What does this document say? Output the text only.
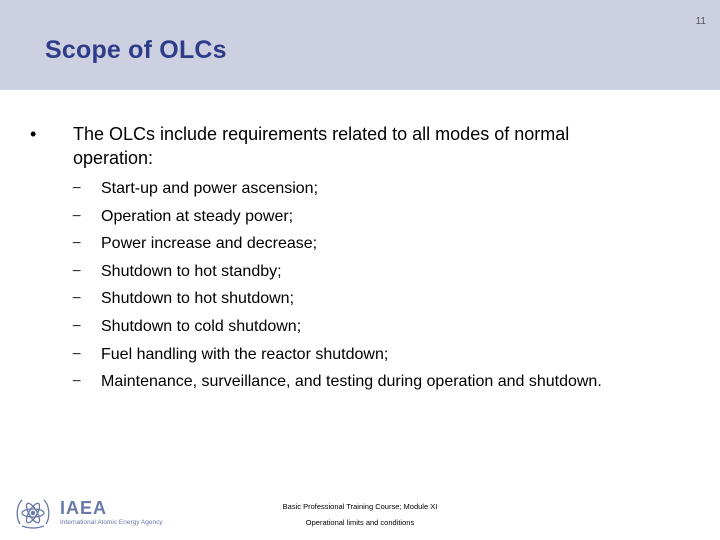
11
Scope of OLCs
• The OLCs include requirements related to all modes of normal operation:
− Start-up and power ascension;
− Operation at steady power;
− Power increase and decrease;
− Shutdown to hot standby;
− Shutdown to hot shutdown;
− Shutdown to cold shutdown;
− Fuel handling with the reactor shutdown;
− Maintenance, surveillance, and testing during operation and shutdown.
IAEA
International Atomic Energy Agency
Basic Professional Training Course; Module XI
Operational limits and conditions
